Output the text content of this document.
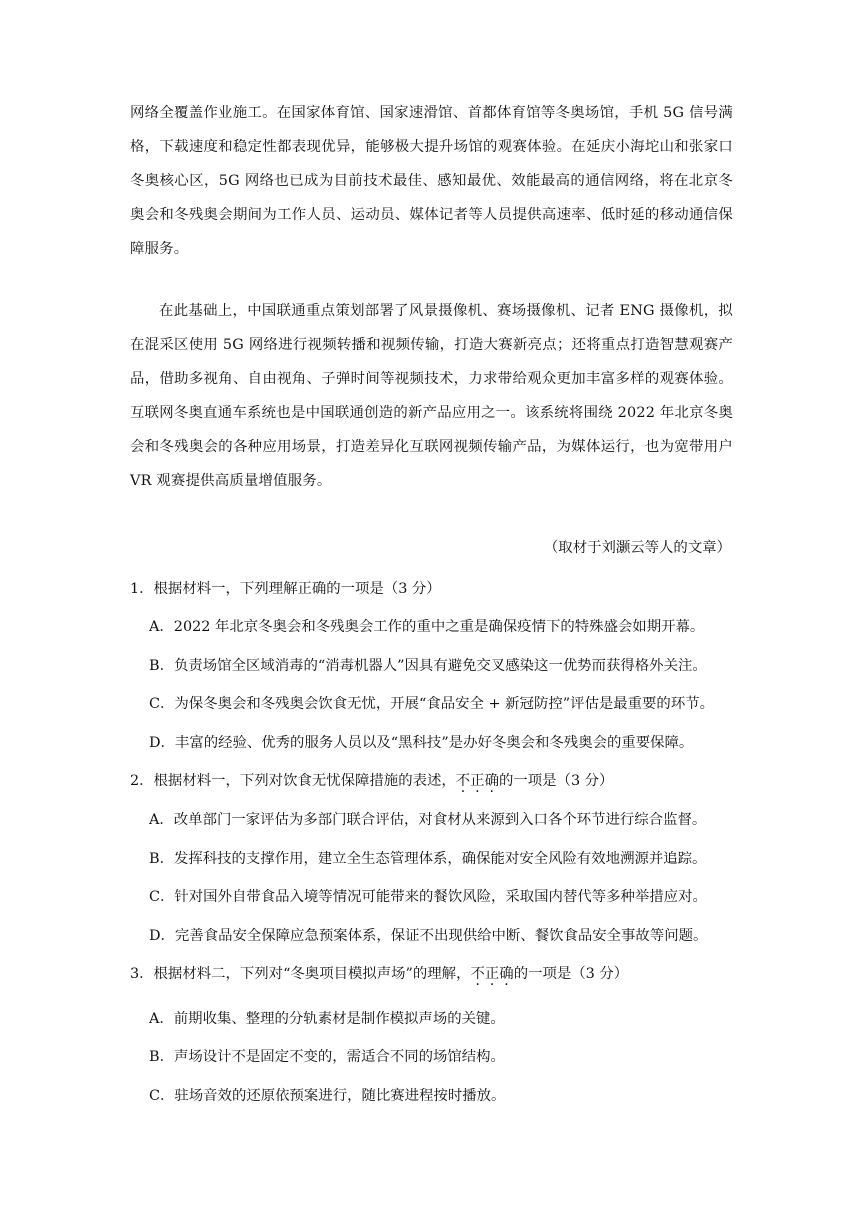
网络全覆盖作业施工。在国家体育馆、国家速滑馆、首都体育馆等冬奥场馆，手机 5G 信号满格，下载速度和稳定性都表现优异，能够极大提升场馆的观赛体验。在延庆小海坨山和张家口冬奥核心区，5G 网络也已成为目前技术最佳、感知最优、效能最高的通信网络，将在北京冬奥会和冬残奥会期间为工作人员、运动员、媒体记者等人员提供高速率、低时延的移动通信保障服务。

在此基础上，中国联通重点策划部署了风景摄像机、赛场摄像机、记者 ENG 摄像机，拟在混采区使用 5G 网络进行视频转播和视频传输，打造大赛新亮点；还将重点打造智慧观赛产品，借助多视角、自由视角、子弹时间等视频技术，力求带给观众更加丰富多样的观赛体验。互联网冬奥直通车系统也是中国联通创造的新产品应用之一。该系统将围绕 2022 年北京冬奥会和冬残奥会的各种应用场景，打造差异化互联网视频传输产品，为媒体运行，也为宽带用户 VR 观赛提供高质量增值服务。

（取材于刘灏云等人的文章）

1．根据材料一，下列理解正确的一项是（3 分）

A．2022 年北京冬奥会和冬残奥会工作的重中之重是确保疫情下的特殊盛会如期开幕。

B．负责场馆全区域消毒的“消毒机器人”因具有避免交叉感染这一优势而获得格外关注。

C．为保冬奥会和冬残奥会饮食无忧，开展“食品安全 + 新冠防控”评估是最重要的环节。

D．丰富的经验、优秀的服务人员以及“黑科技”是办好冬奥会和冬残奥会的重要保障。

2．根据材料一，下列对饮食无忧保障措施的表述，不正确的一项是（3 分）

A．改单部门一家评估为多部门联合评估，对食材从来源到入口各个环节进行综合监督。

B．发挥科技的支撑作用，建立全生态管理体系，确保能对安全风险有效地溯源并追踪。

C．针对国外自带食品入境等情况可能带来的餐饮风险，采取国内替代等多种举措应对。

D．完善食品安全保障应急预案体系，保证不出现供给中断、餐饮食品安全事故等问题。

3．根据材料二，下列对“冬奥项目模拟声场”的理解，不正确的一项是（3 分）

A．前期收集、整理的分轨素材是制作模拟声场的关键。

B．声场设计不是固定不变的，需适合不同的场馆结构。

C．驻场音效的还原依预案进行，随比赛进程按时播放。
